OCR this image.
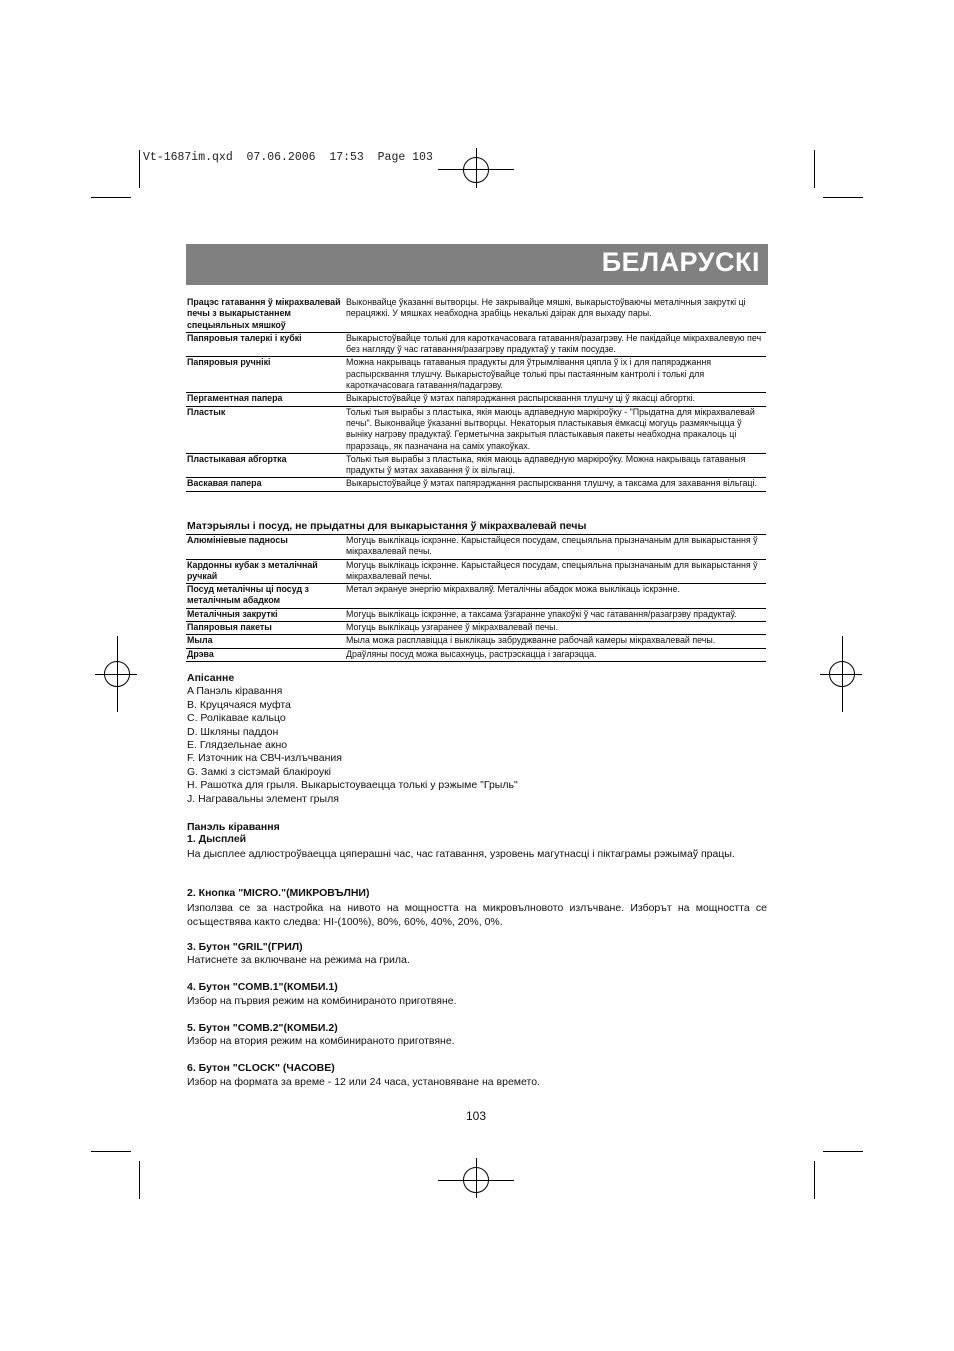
Vt-1687im.qxd  07.06.2006  17:53  Page 103
БЕЛАРУСКІ
Працэс гатавання ў мікрахвалевай печы з выкарыстаннем спецыяльных мяшкоў	Выконвайце ўказанні вытворцы. Не закрывайце мяшкі, выкарыстоўваючы металічныя закруткі ці перацяжкі. У мяшках неабходна зрабіць некалькі дзірак для выхаду пары.
Папяровыя талеркі і кубкі	Выкарыстоўвайце толькі для кароткачасовага гатавання/разагрэву. Не пакідайце мікрахвалевую печ без нагляду ў час гатавання/разагрэву прадуктаў у такім посудзе.
Папяровыя ручнікі	Можна накрываць гатаваныя прадукты для ўтрымлівання цяпла ў іх і для папярэджання распырсквання тлушчу. Выкарыстоўвайце толькі пры пастаянным кантролі і толькі для кароткачасовага гатавання/падагрэву.
Пергаментная папера	Выкарыстоўвайце ў мэтах папярэджання распырсквання тлушчу ці ў якасці абгорткі.
Пластык	Толькі тыя вырабы з пластыка, якія маюць адпаведную маркіроўку - "Прыдатна для мікрахвалевай печы". Выконвайце ўказанні вытворцы. Некаторыя пластыкавыя ёмкасці могуць размякчыцца ў выніку нагрэву прадуктаў. Герметычна закрытыя пластыкавыя пакеты неабходна пракалоць ці прарэзаць, як пазначана на саміх упакоўках.
Пластыкавая абгортка	Толькі тыя вырабы з пластыка, якія маюць адпаведную маркіроўку. Можна накрываць гатаваныя прадукты ў мэтах захавання ў іх вільгаці.
Васкавая папера	Выкарыстоўвайце ў мэтах папярэджання распырсквання тлушчу, а таксама для захавання вільгаці.
Матэрыялы і посуд, не прыдатны для выкарыстання ў мікрахвалевай печы
Алюмініевые падносы	Могуць выклікаць іскрэнне. Карыстайцеся посудам, спецыяльна прызначаным для выкарыстання ў мікрахвалевай печы.
Кардонны кубак з металічнай ручкай	Могуць выклікаць іскрэнне. Карыстайцеся посудам, спецыяльна прызначаным для выкарыстання ў мікрахвалевай печы.
Посуд металічны ці посуд з металічным абадком	Метал экрануе энергію мікрахваляў. Металічны абадок можа выклікаць іскрэнне.
Металічныя закруткі	Могуць выклікаць іскрэнне, а таксама ўзгаранне упакоўкі ў час гатавання/разагрэву прадуктаў.
Папяровыя пакеты	Могуць выклікаць узгаранее ў мікрахвалевай печы.
Мыла	Мыла можа расплавіцца і выклікаць забруджванне рабочай камеры мікрахвалевай печы.
Дрэва	Драўляны посуд можа высахнуць, растрэскацца і загарэцца.
Апісанне
A Панэль кіравання
B. Круцячаяся муфта
C. Ролікавае кальцо
D. Шкляны паддон
E. Глядзельнае акно
F. Източник на СВЧ-излъчвания
G. Замкі з сістэмай блакіроукі
H. Рашотка для грыля. Выкарыстоуваецца толькі у рэжыме "Грыль"
J. Награвальны элемент грыля
Панэль кіравання
1. Дысплей
На дысплее адлюстроўваецца цяперашні час, час гатавання, узровень магутнасці і піктаграмы рэжымаў працы.
2. Кнопка "MICRO."(МИКРОВЪЛНИ)
Използва се за настройка на нивото на мощността на микровълновото излъчване. Изборът на мощността се осъществява както следва: HI-(100%), 80%, 60%, 40%, 20%, 0%.
3. Бутон "GRIL"(ГРИЛ)
Натиснете за включване на режима на грила.
4. Бутон "COMB.1"(КОМБИ.1)
Избор на първия режим на комбинираното приготвяне.
5. Бутон "COMB.2"(КОМБИ.2)
Избор на втория режим на комбинираното приготвяне.
6. Бутон "CLOCK" (ЧАСОВЕ)
Избор на формата за време - 12 или 24 часа, установяване на времето.
103
